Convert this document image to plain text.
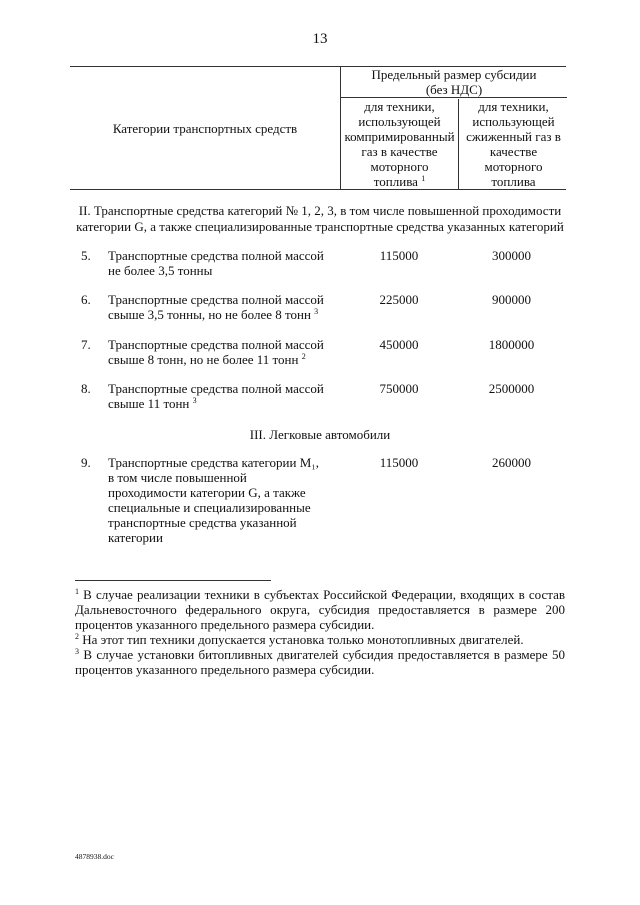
13
Категории транспортных средств
Предельный размер субсидии
(без НДС)
для техники,
использующей
компримированный
газ в качестве
моторного
топлива $^1$
для техники,
использующей
сжиженный газ в
качестве
моторного
топлива
II. Транспортные средства категорий № 1, 2, 3, в том числе повышенной проходимости
категории G, а также специализированные транспортные средства указанных категорий
5. Транспортные средства полной массой
не более 3,5 тонны
115000	300000
6. Транспортные средства полной массой
свыше 3,5 тонны, но не более 8 тонн $^3$
225000	900000
7. Транспортные средства полной массой
свыше 8 тонн, но не более 11 тонн $^2$
450000	1800000
8. Транспортные средства полной массой
свыше 11 тонн $^3$
750000	2500000
III. Легковые автомобили
9. Транспортные средства категории M₁,
в том числе повышенной
проходимости категории G, а также
специальные и специализированные
транспортные средства указанной
категории
115000	260000

$^1$ В случае реализации техники в субъектах Российской Федерации, входящих в состав Дальневосточного федерального округа, субсидия предоставляется в размере 200 процентов указанного предельного размера субсидии.

$^2$ На этот тип техники допускается установка только монотопливных двигателей.

$^3$ В случае установки битопливных двигателей субсидия предоставляется в размере 50 процентов указанного предельного размера субсидии.

4878938.doc
